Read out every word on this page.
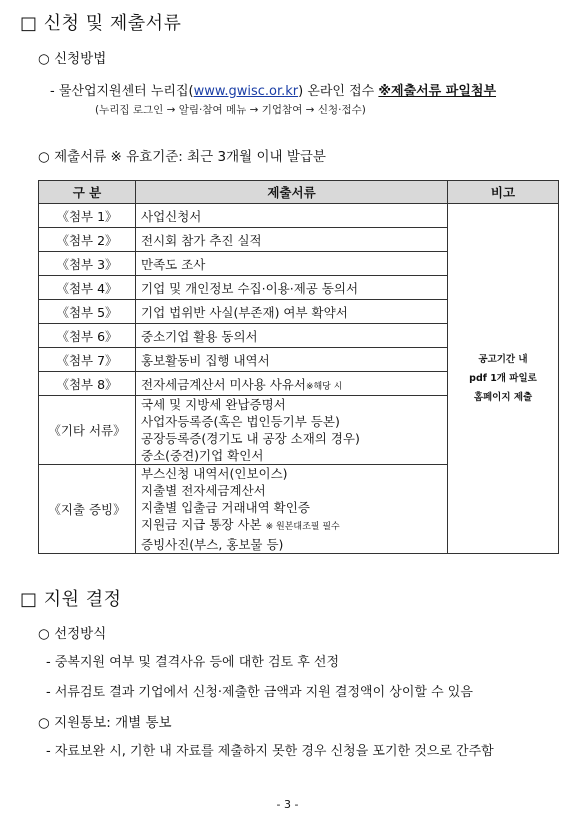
□ 신청 및 제출서류
○ 신청방법
- 물산업지원센터 누리집(www.gwisc.or.kr) 온라인 접수 ※제출서류 파일첨부
(누리집 로그인 → 알림·참여 메뉴 → 기업참여 → 신청·접수)
○ 제출서류 ※ 유효기준: 최근 3개월 이내 발급분
구 분	제출서류	비고
《첨부 1》	사업신청서	공고기간 내
pdf 1개 파일로
홈페이지 제출

《첨부 2》	전시회 참가 추진 실적	
《첨부 3》	만족도 조사	
《첨부 4》	기업 및 개인정보 수집·이용·제공 동의서	
《첨부 5》	기업 법위반 사실(부존재) 여부 확약서	
《첨부 6》	중소기업 활용 동의서	
《첨부 7》	홍보활동비 집행 내역서	
《첨부 8》	전자세금계산서 미사용 사유서※해당 시	
《기타 서류》	국세 및 지방세 완납증명서
사업자등록증(혹은 법인등기부 등본)
공장등록증(경기도 내 공장 소재의 경우)
중소(중견)기업 확인서	

《지출 증빙》	부스신청 내역서(인보이스)
지출별 전자세금계산서
지출별 입출금 거래내역 확인증
지원금 지급 통장 사본 ※ 원본대조필 필수
증빙사진(부스, 홍보물 등)	
□ 지원 결정
○ 선정방식
- 중복지원 여부 및 결격사유 등에 대한 검토 후 선정
- 서류검토 결과 기업에서 신청·제출한 금액과 지원 결정액이 상이할 수 있음
○ 지원통보: 개별 통보
- 자료보완 시, 기한 내 자료를 제출하지 못한 경우 신청을 포기한 것으로 간주함
- 3 -
